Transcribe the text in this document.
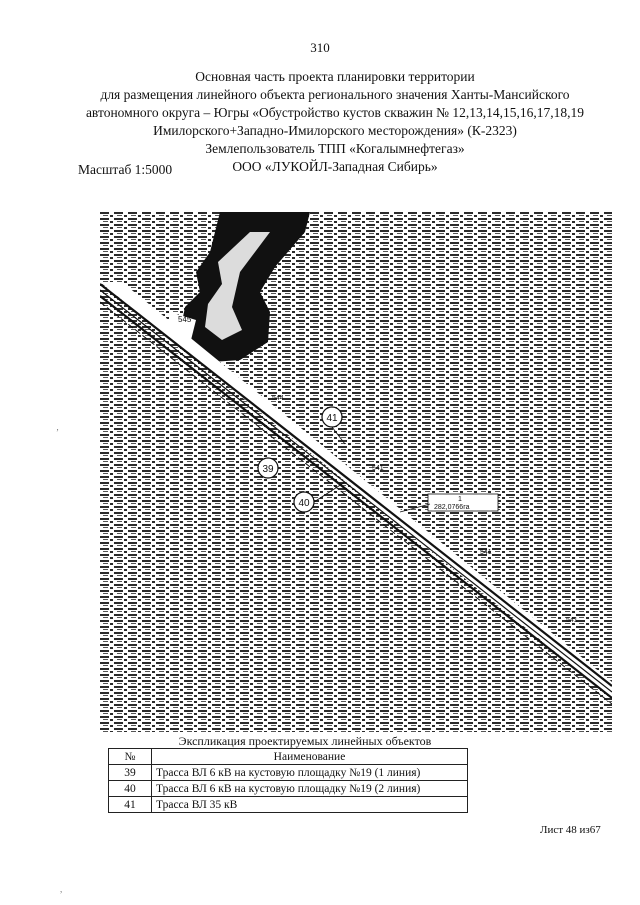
310
Основная часть проекта планировки территории
для размещения линейного объекта регионального значения Ханты-Мансийского
автономного округа – Югры «Обустройство кустов скважин № 12,13,14,15,16,17,18,19
Имилорского+Западно-Имилорского месторождения» (К-2323)
Землепользователь ТПП «Когалымнефтегаз»
ООО «ЛУКОЙЛ-Западная Сибирь»
Масштаб 1:5000
545
544
541
541
541
1
282,0766га
41
39
40
Экспликация проектируемых линейных объектов
№	Наименование
39	Трасса ВЛ 6 кВ на кустовую площадку №19 (1 линия)
40	Трасса ВЛ 6 кВ на кустовую площадку №19 (2 линия)
41	Трасса ВЛ 35 кВ
Лист 48 из67
‚
,
